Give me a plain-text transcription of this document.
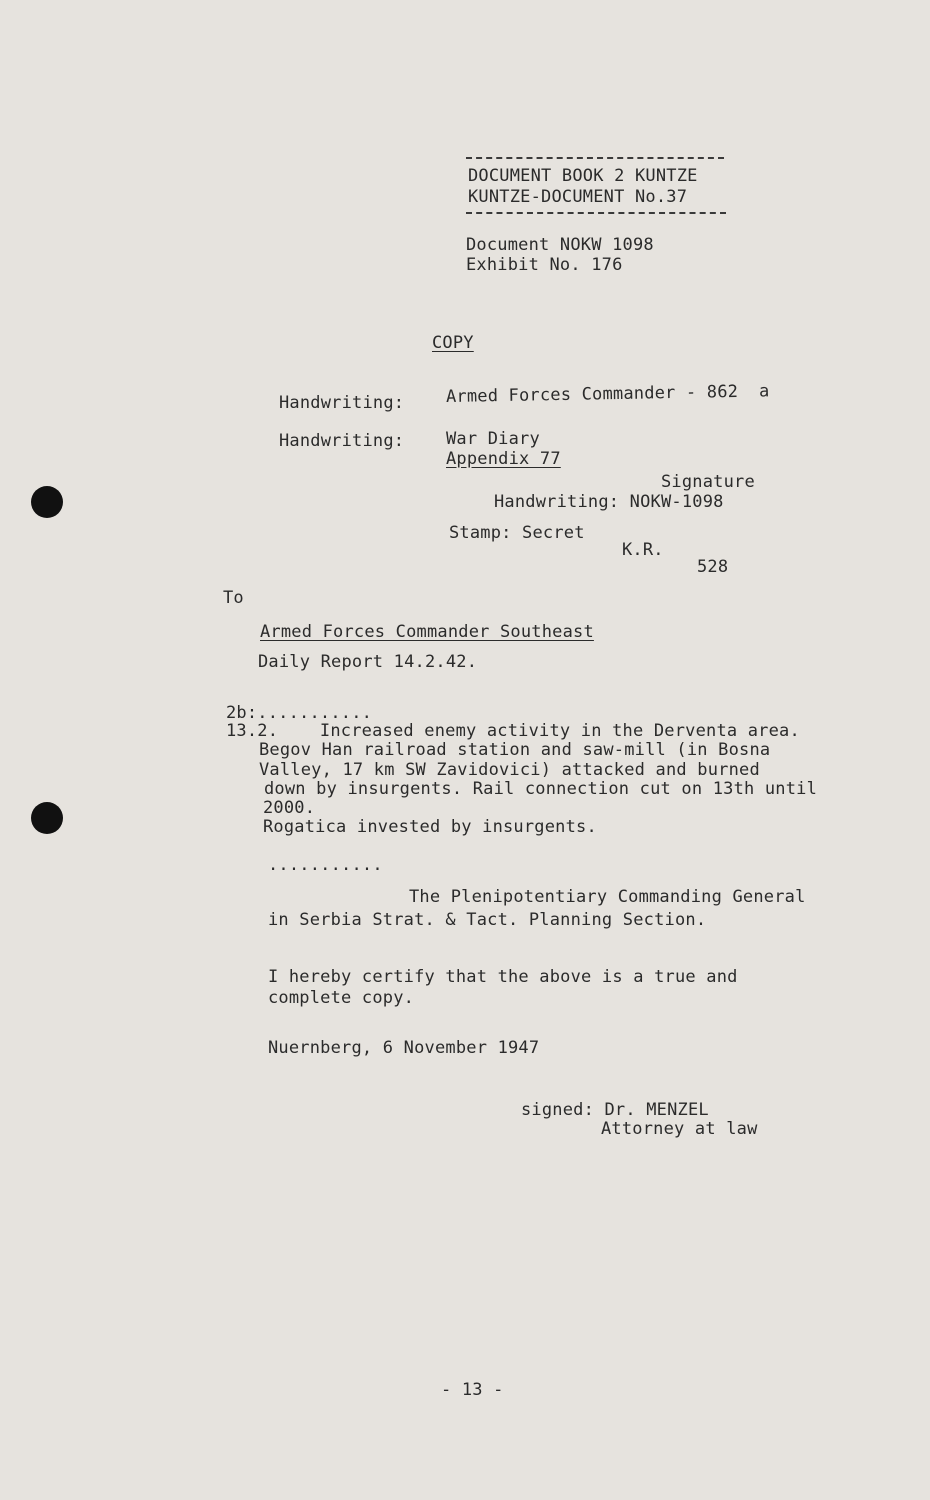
DOCUMENT BOOK 2 KUNTZE
KUNTZE-DOCUMENT No.37
Document NOKW 1098
Exhibit No. 176
COPY
Handwriting: Armed Forces Commander - 862  a
Handwriting: War Diary
Appendix 77
Signature
Handwriting: NOKW-1098
Stamp: Secret
K.R.
528
To
Armed Forces Commander Southeast
Daily Report 14.2.42.
2b:...........
13.2.    Increased enemy activity in the Derventa area.
Begov Han railroad station and saw-mill (in Bosna
Valley, 17 km SW Zavidovici) attacked and burned
down by insurgents. Rail connection cut on 13th until
2000.
Rogatica invested by insurgents.
...........
The Plenipotentiary Commanding General
in Serbia Strat. & Tact. Planning Section.
I hereby certify that the above is a true and
complete copy.
Nuernberg, 6 November 1947
signed: Dr. MENZEL
Attorney at law
- 13 -
